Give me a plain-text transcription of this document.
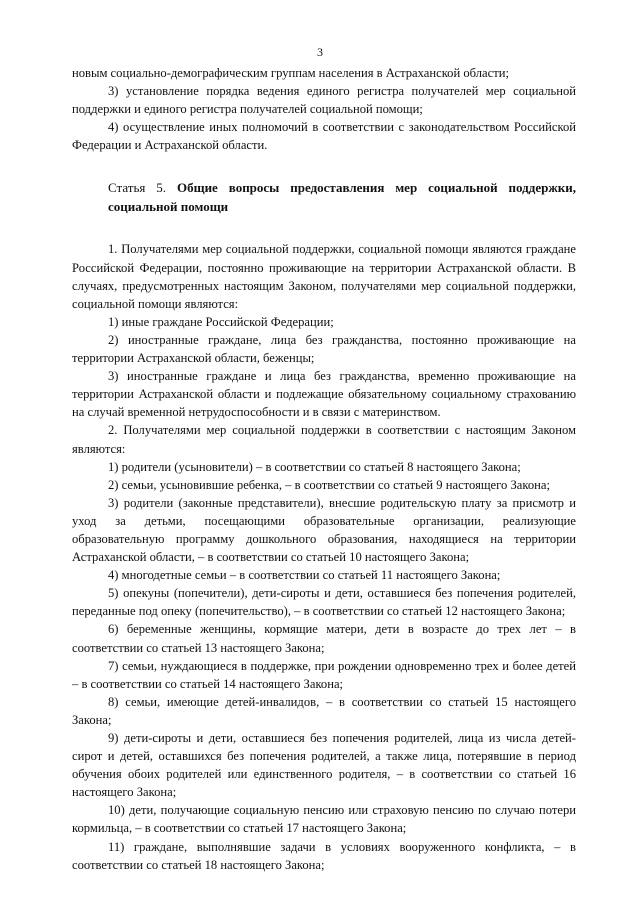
3

новым социально-демографическим группам населения в Астраханской области;

3) установление порядка ведения единого регистра получателей мер социальной поддержки и единого регистра получателей социальной помощи;

4) осуществление иных полномочий в соответствии с законодательством Российской Федерации и Астраханской области.

Статья 5. Общие вопросы предоставления мер социальной поддержки, социальной помощи

1. Получателями мер социальной поддержки, социальной помощи являются граждане Российской Федерации, постоянно проживающие на территории Астраханской области. В случаях, предусмотренных настоящим Законом, получателями мер социальной поддержки, социальной помощи являются:

1) иные граждане Российской Федерации;

2) иностранные граждане, лица без гражданства, постоянно проживающие на территории Астраханской области, беженцы;

3) иностранные граждане и лица без гражданства, временно проживающие на территории Астраханской области и подлежащие обязательному социальному страхованию на случай временной нетрудоспособности и в связи с материнством.

2. Получателями мер социальной поддержки в соответствии с настоящим Законом являются:

1) родители (усыновители) – в соответствии со статьей 8 настоящего Закона;

2) семьи, усыновившие ребенка, – в соответствии со статьей 9 настоящего Закона;

3) родители (законные представители), внесшие родительскую плату за присмотр и уход за детьми, посещающими образовательные организации, реализующие образовательную программу дошкольного образования, находящиеся на территории Астраханской области, – в соответствии со статьей 10 настоящего Закона;

4) многодетные семьи – в соответствии со статьей 11 настоящего Закона;

5) опекуны (попечители), дети-сироты и дети, оставшиеся без попечения родителей, переданные под опеку (попечительство), – в соответствии со статьей 12 настоящего Закона;

6) беременные женщины, кормящие матери, дети в возрасте до трех лет – в соответствии со статьей 13 настоящего Закона;

7) семьи, нуждающиеся в поддержке, при рождении одновременно трех и более детей – в соответствии со статьей 14 настоящего Закона;

8) семьи, имеющие детей-инвалидов, – в соответствии со статьей 15 настоящего Закона;

9) дети-сироты и дети, оставшиеся без попечения родителей, лица из числа детей-сирот и детей, оставшихся без попечения родителей, а также лица, потерявшие в период обучения обоих родителей или единственного родителя, – в соответствии со статьей 16 настоящего Закона;

10) дети, получающие социальную пенсию или страховую пенсию по случаю потери кормильца, – в соответствии со статьей 17 настоящего Закона;

11) граждане, выполнявшие задачи в условиях вооруженного конфликта, – в соответствии со статьей 18 настоящего Закона;
